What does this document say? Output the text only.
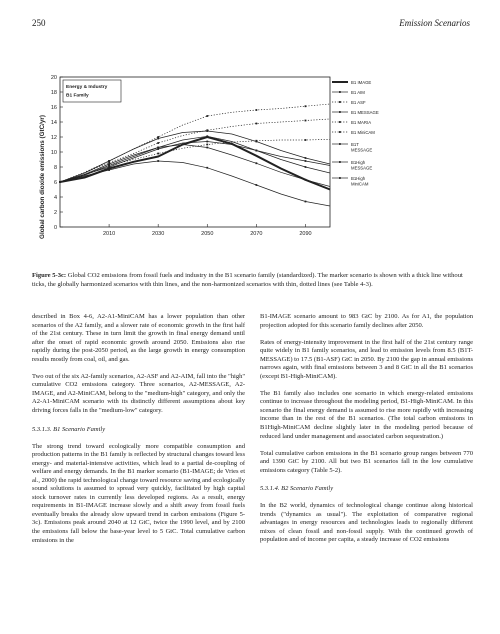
250	Emission Scenarios
0
2
4
6
8
10
12
14
16
18
20
2010	2030	2050	2070	2090
B1 IMAGE
B1 AIM
B1 ASF
B1 MESSAGE
B1 MARIA
B1 MiniCAM
B1T MESSAGE
B1High MESSAGE
B1High MiniCAM
Energy & Industry
B1 Family
Global carbon dioxide emissions (GtC/yr)
Figure 5-3c: Global CO2 emissions from fossil fuels and industry in the B1 scenario family (standardized). The marker scenario is shown with a thick line without ticks, the globally harmonized scenarios with thin lines, and the non-harmonized scenarios with thin, dotted lines (see Table 4-3).

described in Box 4-6, A2-A1-MiniCAM has a lower population than other scenarios of the A2 family, and a slower rate of economic growth in the first half of the 21st century. These in turn limit the growth in final energy demand until after the onset of rapid economic growth around 2050. Emissions also rise rapidly during the post-2050 period, as the large growth in energy consumption results mostly from coal, oil, and gas.

Two out of the six A2-family scenarios, A2-ASF and A2-AIM, fall into the "high" cumulative CO2 emissions category. Three scenarios, A2-MESSAGE, A2-IMAGE, and A2-MiniCAM, belong to the "medium-high" category, and only the A2-A1-MiniCAM scenario with its distinctly different assumptions about key driving forces falls in the "medium-low" category.

5.3.1.3. B1 Scenario Family

The strong trend toward ecologically more compatible consumption and production patterns in the B1 family is reflected by structural changes toward less energy- and material-intensive activities, which lead to a partial de-coupling of welfare and energy demands. In the B1 marker scenario (B1-IMAGE; de Vries et al., 2000) the rapid technological change toward resource saving and ecologically sound solutions is assumed to spread very quickly, facilitated by high capital stock turnover rates in currently less developed regions. As a result, energy requirements in B1-IMAGE increase slowly and a shift away from fossil fuels eventually breaks the already slow upward trend in carbon emissions (Figure 5-3c). Emissions peak around 2040 at 12 GtC, twice the 1990 level, and by 2100 the emissions fall below the base-year level to 5 GtC. Total cumulative carbon emissions in the

B1-IMAGE scenario amount to 983 GtC by 2100. As for A1, the population projection adopted for this scenario family declines after 2050.

Rates of energy-intensity improvement in the first half of the 21st century range quite widely in B1 family scenarios, and lead to emission levels from 8.5 (B1T-MESSAGE) to 17.5 (B1-ASF) GtC in 2050. By 2100 the gap in annual emissions narrows again, with final emissions between 3 and 8 GtC in all the B1 scenarios (except B1-High-MiniCAM).

The B1 family also includes one scenario in which energy-related emissions continue to increase throughout the modeling period, B1-High-MiniCAM. In this scenario the final energy demand is assumed to rise more rapidly with increasing income than in the rest of the B1 scenarios. (The total carbon emissions in B1High-MiniCAM decline slightly later in the modeling period because of reduced land under management and associated carbon sequestration.)

Total cumulative carbon emissions in the B1 scenario group ranges between 770 and 1390 GtC by 2100. All but two B1 scenarios fall in the low cumulative emissions category (Table 5-2).

5.3.1.4. B2 Scenario Family

In the B2 world, dynamics of technological change continue along historical trends ("dynamics as usual"). The exploitation of comparative regional advantages in energy resources and technologies leads to regionally different mixes of clean fossil and non-fossil supply. With the continued growth of population and of income per capita, a steady increase of CO2 emissions
